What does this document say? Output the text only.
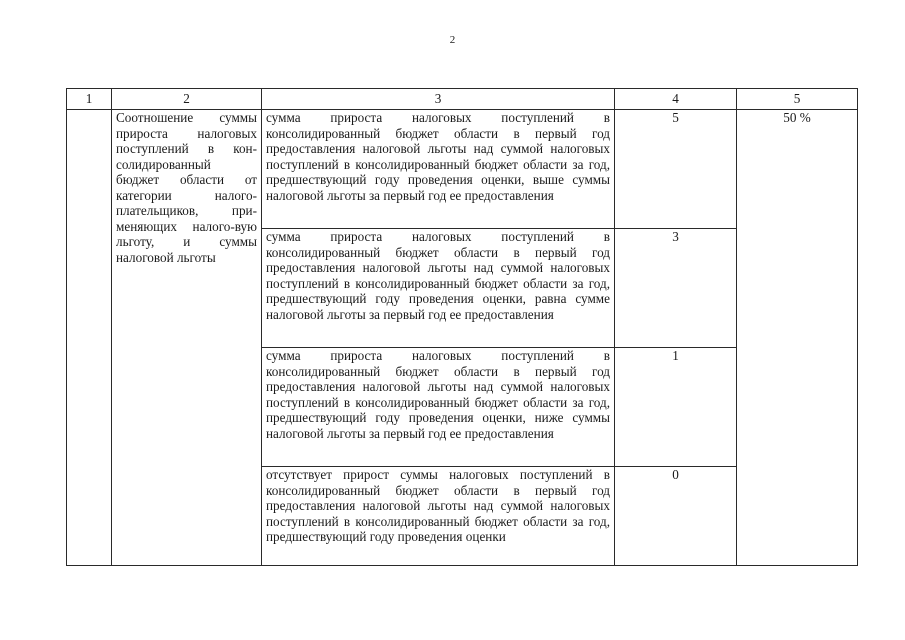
2
1	2	3	4	5
	Соотношение суммы прироста налоговых поступлений в кон-солидированный бюджет области от категории налого-плательщиков, при-меняющих налого-вую льготу, и суммы налоговой льготы	сумма прироста налоговых поступлений в консолидированный бюджет области в первый год предоставления налоговой льготы над суммой налоговых поступлений в консолидированный бюджет области за год, предшествующий году проведения оценки, выше суммы налоговой льготы за первый год ее предоставления	5	50 %
		сумма прироста налоговых поступлений в консолидированный бюджет области в первый год предоставления налоговой льготы над суммой налоговых поступлений в консолидированный бюджет области за год, предшествующий году проведения оценки, равна сумме налоговой льготы за первый год ее предоставления	3	
		сумма прироста налоговых поступлений в консолидированный бюджет области в первый год предоставления налоговой льготы над суммой налоговых поступлений в консолидированный бюджет области за год, предшествующий году проведения оценки, ниже суммы налоговой льготы за первый год ее предоставления	1	
		отсутствует прирост суммы налоговых поступлений в консолидированный бюджет области в первый год предоставления налоговой льготы над суммой налоговых поступлений в консолидированный бюджет области за год, предшествующий году проведения оценки	0	
